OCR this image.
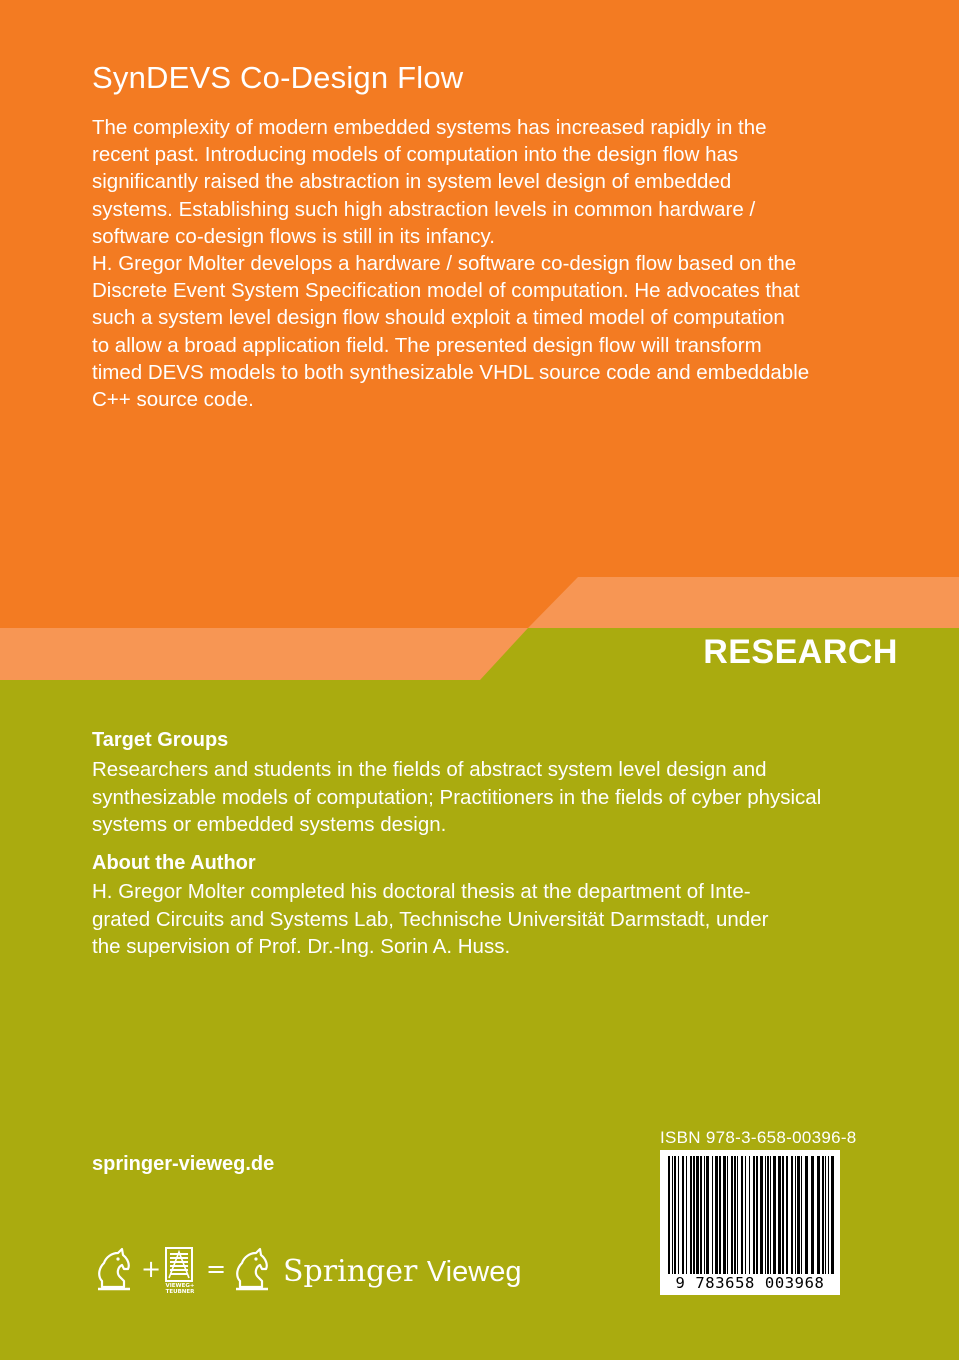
SynDEVS Co-Design Flow

The complexity of modern embedded systems has increased rapidly in the
recent past. Introducing models of computation into the design flow has
significantly raised the abstraction in system level design of embedded
systems. Establishing such high abstraction levels in common hardware /
software co-design flows is still in its infancy.

H. Gregor Molter develops a hardware / software co-design flow based on the
Discrete Event System Specification model of computation. He advocates that
such a system level design flow should exploit a timed model of computation
to allow a broad application field. The presented design flow will transform
timed DEVS models to both synthesizable VHDL source code and embeddable
C++ source code.

RESEARCH
Target Groups
Researchers and students in the fields of abstract system level design and
synthesizable models of computation; Practitioners in the fields of cyber physical
systems or embedded systems design.
About the Author
H. Gregor Molter completed his doctoral thesis at the department of Inte-
grated Circuits and Systems Lab, Technische Universität Darmstadt, under
the supervision of Prof. Dr.-Ing. Sorin A. Huss.
springer-vieweg.de
ISBN 978-3-658-00396-8
9 783658 003968
+
VIEWEG+
TEUBNER
= Springer Vieweg
